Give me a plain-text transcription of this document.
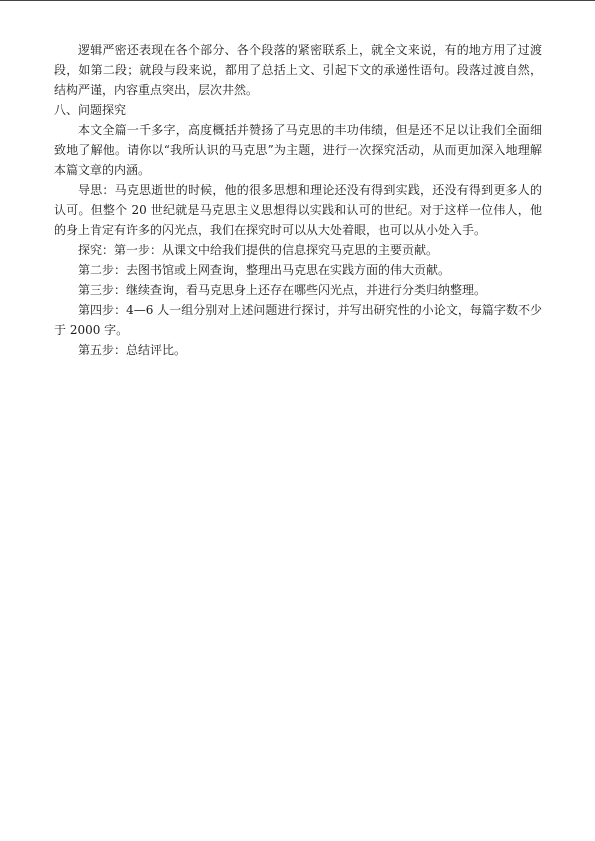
逻辑严密还表现在各个部分、各个段落的紧密联系上，就全文来说，有的地方用了过渡段，如第二段；就段与段来说，都用了总括上文、引起下文的承递性语句。段落过渡自然，结构严谨，内容重点突出，层次井然。

八、问题探究

本文全篇一千多字，高度概括并赞扬了马克思的丰功伟绩，但是还不足以让我们全面细致地了解他。请你以“我所认识的马克思”为主题，进行一次探究活动，从而更加深入地理解本篇文章的内涵。

导思：马克思逝世的时候，他的很多思想和理论还没有得到实践，还没有得到更多人的认可。但整个 20 世纪就是马克思主义思想得以实践和认可的世纪。对于这样一位伟人，他的身上肯定有许多的闪光点，我们在探究时可以从大处着眼，也可以从小处入手。

探究：第一步：从课文中给我们提供的信息探究马克思的主要贡献。

第二步：去图书馆或上网查询，整理出马克思在实践方面的伟大贡献。

第三步：继续查询，看马克思身上还存在哪些闪光点，并进行分类归纳整理。

第四步：4—6 人一组分别对上述问题进行探讨，并写出研究性的小论文，每篇字数不少于 2000 字。

第五步：总结评比。
